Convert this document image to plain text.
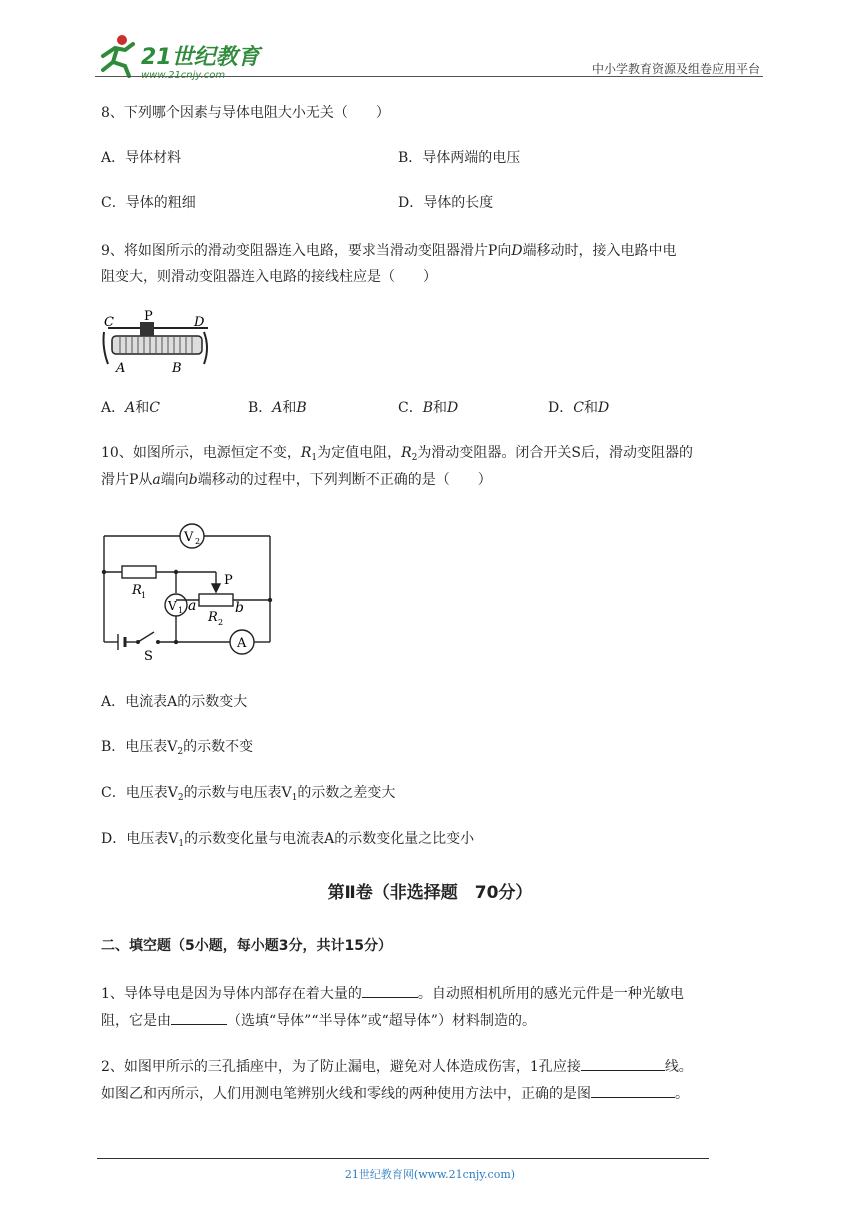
21世纪教育	中小学教育资源及组卷应用平台
8、下列哪个因素与导体电阻大小无关（　　）
A．导体材料	B．导体两端的电压
C．导体的粗细	D．导体的长度
9、将如图所示的滑动变阻器连入电路，要求当滑动变阻器滑片P向D端移动时，接入电路中电
阻变大，则滑动变阻器连入电路的接线柱应是（　　）
C P	D
A	B
A．A和C	B．A和B	C．B和D	D．C和D
10、如图所示，电源恒定不变，$R_1$为定值电阻，$R_2$为滑动变阻器。闭合开关S后，滑动变阻器的
滑片P从a端向b端移动的过程中，下列判断不正确的是（　　）
V 2
R 1
P
V 1 a
R 2
b
A
S
A．电流表A的示数变大
B．电压表$V_2$的示数不变
C．电压表$V_2$的示数与电压表$V_1$的示数之差变大
D．电压表$V_1$的示数变化量与电流表A的示数变化量之比变小
第Ⅱ卷（非选择题　70分）
二、填空题（5小题，每小题3分，共计15分）
1、导体导电是因为导体内部存在着大量的	。自动照相机所用的感光元件是一种光敏电
阻，它是由	（选填“导体”“半导体”或“超导体”）材料制造的。
2、如图甲所示的三孔插座中，为了防止漏电，避免对人体造成伤害，1孔应接	线。
如图乙和丙所示，人们用测电笔辨别火线和零线的两种使用方法中，正确的是图	。
21世纪教育网(www.21cnjy.com)
